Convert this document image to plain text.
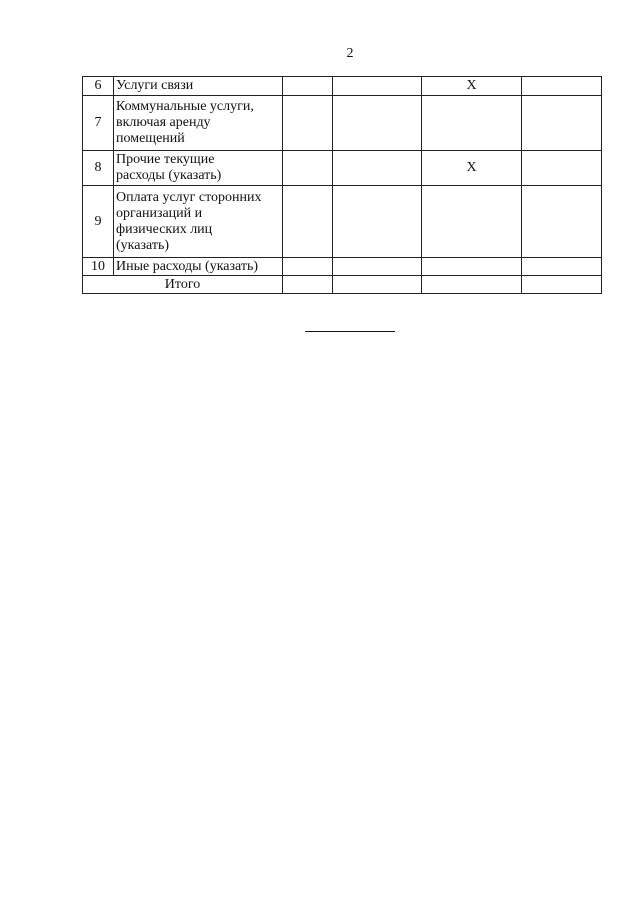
2
6	Услуги связи			X	
7	Коммунальные услуги,
включая аренду
помещений				
8	Прочие текущие
расходы (указать)			X	
9	Оплата услуг сторонних
организаций и
физических лиц
(указать)				
10	Иные расходы (указать)				
Итого					
